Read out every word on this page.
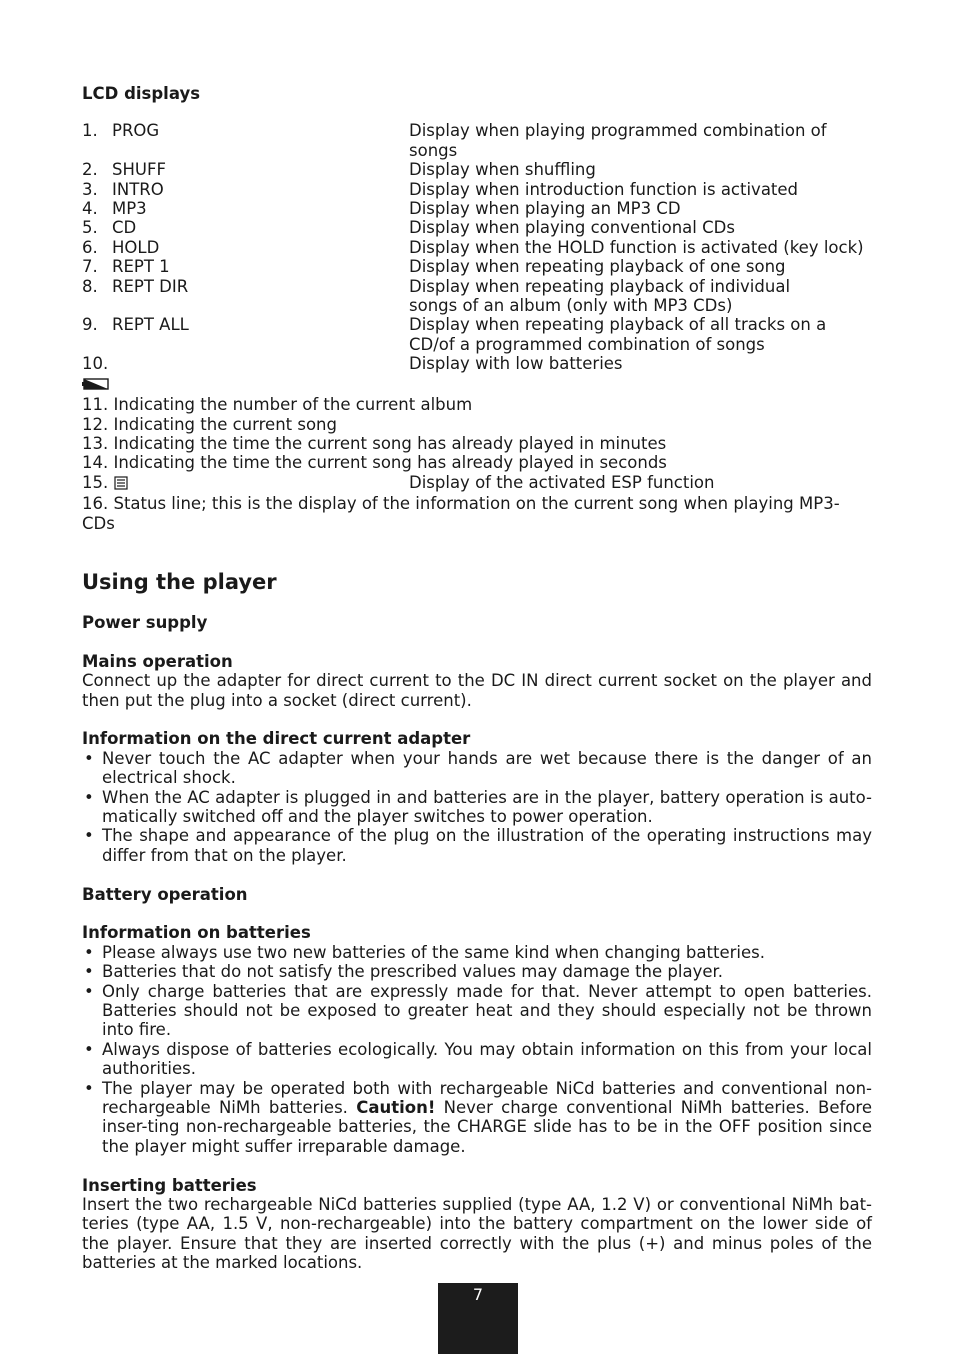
LCD displays
1. PROG	Display when playing programmed combination of songs
2. SHUFF	Display when shuffling
3. INTRO	Display when introduction function is activated
4. MP3	Display when playing an MP3 CD
5. CD	Display when playing conventional CDs
6. HOLD	Display when the HOLD function is activated (key lock)
7. REPT 1	Display when repeating playback of one song
8. REPT DIR	Display when repeating playback of individual
songs of an album (only with MP3 CDs)
9. REPT ALL	Display when repeating playback of all tracks on a
CD/of a programmed combination of songs
10.	Display with low batteries
11. Indicating the number of the current album
12. Indicating the current song
13. Indicating the time the current song has already played in minutes
14. Indicating the time the current song has already played in seconds
15.	Display of the activated ESP function
16. Status line; this is the display of the information on the current song when playing MP3-CDs
Using the player
Power supply
Mains operation

Connect up the adapter for direct current to the DC IN direct current socket on the player and then put the plug into a socket (direct current).

Information on the direct current adapter
• Never touch the AC adapter when your hands are wet because there is the danger of an electrical shock.
• When the AC adapter is plugged in and batteries are in the player, battery operation is auto-matically switched off and the player switches to power operation.
• The shape and appearance of the plug on the illustration of the operating instructions may differ from that on the player.
Battery operation
Information on batteries
• Please always use two new batteries of the same kind when changing batteries.
• Batteries that do not satisfy the prescribed values may damage the player.
• Only charge batteries that are expressly made for that. Never attempt to open batteries. Batteries should not be exposed to greater heat and they should especially not be thrown into fire.
• Always dispose of batteries ecologically. You may obtain information on this from your local authorities.
• The player may be operated both with rechargeable NiCd batteries and conventional non-rechargeable NiMh batteries. Caution! Never charge conventional NiMh batteries. Before inser-ting non-rechargeable batteries, the CHARGE slide has to be in the OFF position since the player might suffer irreparable damage.
Inserting batteries

Insert the two rechargeable NiCd batteries supplied (type AA, 1.2 V) or conventional NiMh bat-teries (type AA, 1.5 V, non-rechargeable) into the battery compartment on the lower side of the player. Ensure that they are inserted correctly with the plus (+) and minus poles of the batteries at the marked locations.

7
